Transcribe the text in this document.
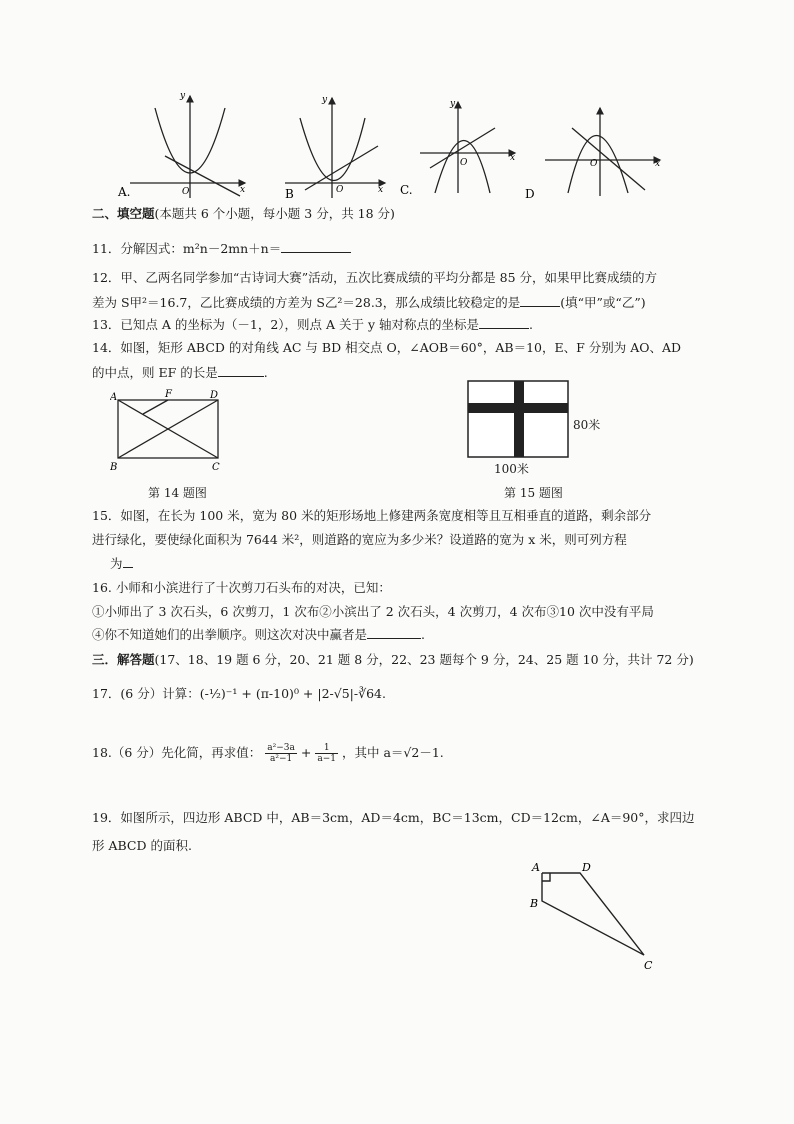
A.
y
x
O	B
y
x
O	C.
y
x
O
D
x
O
二、填空题(本题共 6 个小题，每小题 3 分，共 18 分)
11．分解因式：m²n－2mn＋n＝
12．甲、乙两名同学参加“古诗词大赛”活动，五次比赛成绩的平均分都是 85 分，如果甲比赛成绩的方
差为 S甲²＝16.7，乙比赛成绩的方差为 S乙²＝28.3，那么成绩比较稳定的是	(填“甲”或“乙”)
13．已知点 A 的坐标为（－1，2），则点 A 关于 y 轴对称点的坐标是	.
14．如图，矩形 ABCD 的对角线 AC 与 BD 相交点 O，∠AOB＝60°，AB＝10，E、F 分别为 AO、AD
的中点，则 EF 的长是	.
A	D
B	C
F
第 14 题图
80米
100米
第 15 题图
15．如图，在长为 100 米，宽为 80 米的矩形场地上修建两条宽度相等且互相垂直的道路，剩余部分
进行绿化，要使绿化面积为 7644 米²，则道路的宽应为多少米？设道路的宽为 x 米，则可列方程
为
16. 小师和小滨进行了十次剪刀石头布的对决，已知：
①小师出了 3 次石头，6 次剪刀，1 次布②小滨出了 2 次石头，4 次剪刀，4 次布③10 次中没有平局
④你不知道她们的出拳顺序。则这次对决中赢者是	.
三．解答题(17、18、19 题 6 分，20、21 题 8 分，22、23 题每个 9 分，24、25 题 10 分，共计 72 分)
17．(6 分）计算：(-½)⁻¹ + (π-10)⁰ + |2-√5|-∛64.
18.（6 分）先化简，再求值： $\frac{\text{a²−3a}}{\text{a²−1}} + \frac{1}{a-1}$ ，其中 a＝√2－1.
19．如图所示，四边形 ABCD 中，AB＝3cm，AD＝4cm，BC＝13cm，CD＝12cm，∠A＝90°，求四边
形 ABCD 的面积.
A	D
B
C
